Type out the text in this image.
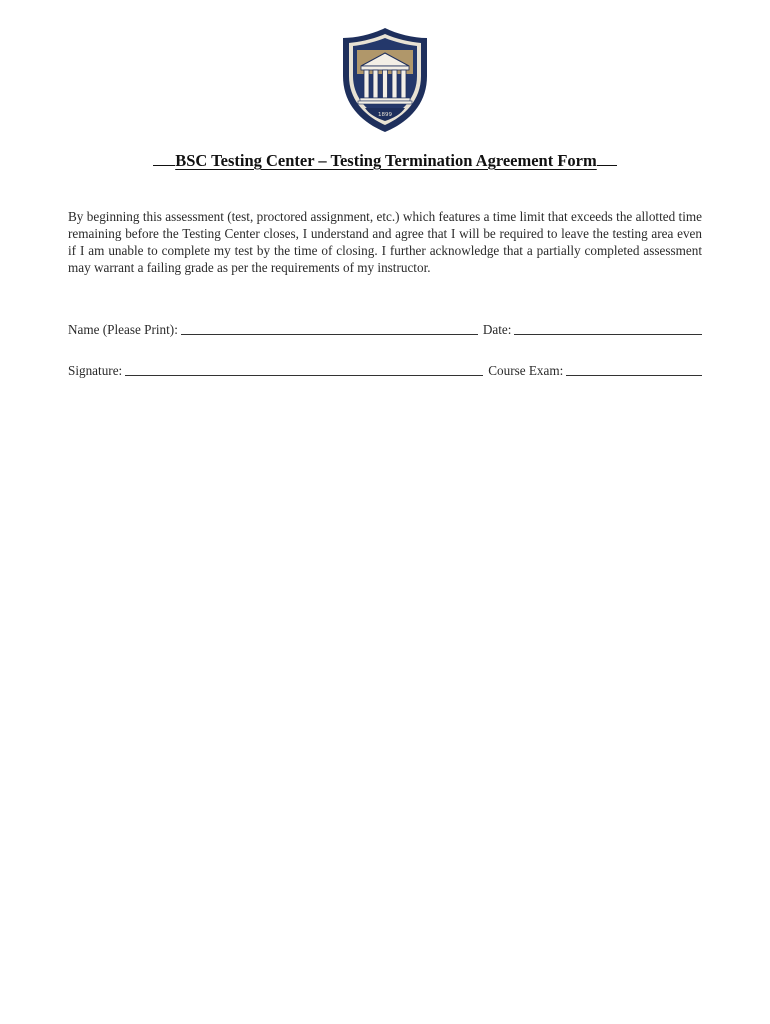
1899
BSC Testing Center – Testing Termination Agreement Form
By beginning this assessment (test, proctored assignment, etc.) which features a time limit that exceeds the allotted time remaining before the Testing Center closes, I understand and agree that I will be required to leave the testing area even if I am unable to complete my test by the time of closing. I further acknowledge that a partially completed assessment may warrant a failing grade as per the requirements of my instructor.
Name (Please Print):	Date:
Signature:	Course Exam:
